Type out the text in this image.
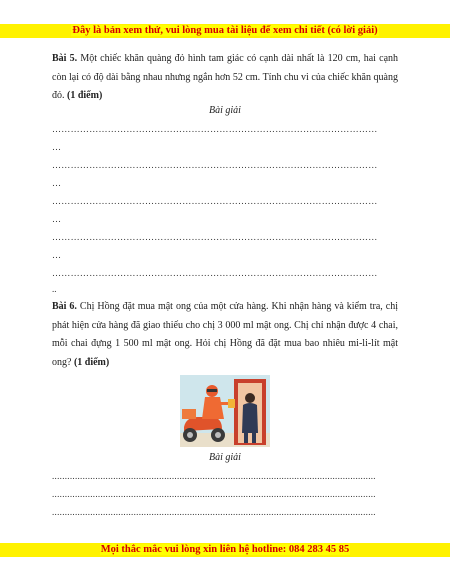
Đây là bản xem thử, vui lòng mua tài liệu để xem chi tiết (có lời giải)
Bài 5. Một chiếc khăn quàng đỏ hình tam giác có cạnh dài nhất là 120 cm, hai cạnh còn lại có độ dài bằng nhau nhưng ngắn hơn 52 cm. Tính chu vi của chiếc khăn quàng đỏ. (1 điểm)
Bài giải
……………………………………………………………………………………………
…
……………………………………………………………………………………………
…
……………………………………………………………………………………………
…
……………………………………………………………………………………………
…
……………………………………………………………………………………………
..
Bài 6. Chị Hồng đặt mua mật ong của một cửa hàng. Khi nhận hàng và kiểm tra, chị phát hiện cửa hàng đã giao thiếu cho chị 3 000 ml mật ong. Chị chỉ nhận được 4 chai, mỗi chai đựng 1 500 ml mật ong. Hỏi chị Hồng đã đặt mua bao nhiêu mi-li-lít mật ong? (1 điểm)
Bài giải
...............................................................................................................................
...............................................................................................................................
...............................................................................................................................
Mọi thắc mắc vui lòng xin liên hệ hotline: 084 283 45 85
